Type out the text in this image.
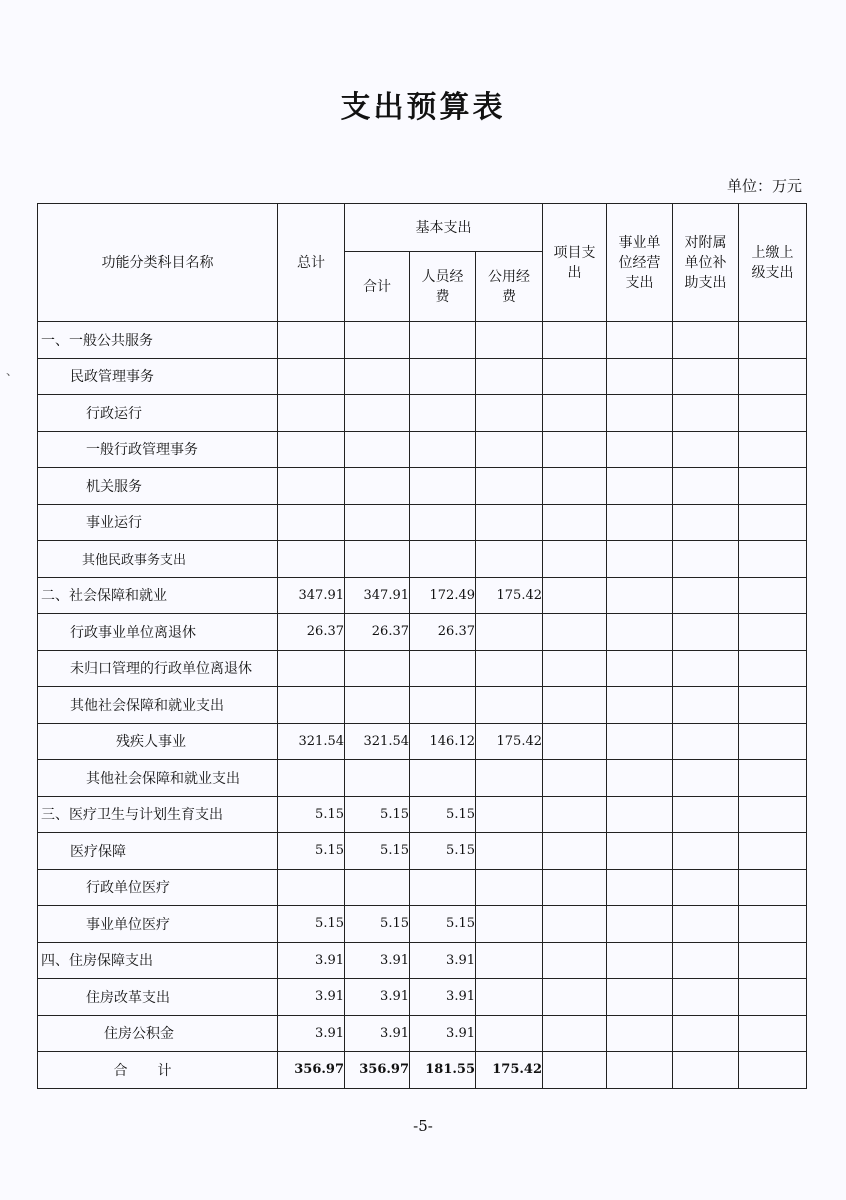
支出预算表
单位：万元
、
功能分类科目名称	总计	基本支出			项目支出	事业单位经营支出	对附属单位补助支出	上缴上级支出
		合计	人员经费	公用经费				
一、一般公共服务								
民政管理事务								
行政运行								
一般行政管理事务								
机关服务								
事业运行								
其他民政事务支出								
二、社会保障和就业	347.91	347.91	172.49	175.42				
行政事业单位离退休	26.37	26.37	26.37					
未归口管理的行政单位离退休								
其他社会保障和就业支出								
残疾人事业	321.54	321.54	146.12	175.42				
其他社会保障和就业支出								
三、医疗卫生与计划生育支出	5.15	5.15	5.15					
医疗保障	5.15	5.15	5.15					
行政单位医疗								
事业单位医疗	5.15	5.15	5.15					
四、住房保障支出	3.91	3.91	3.91					
住房改革支出	3.91	3.91	3.91					
住房公积金	3.91	3.91	3.91					
合计	356.97	356.97	181.55	175.42				
-5-
